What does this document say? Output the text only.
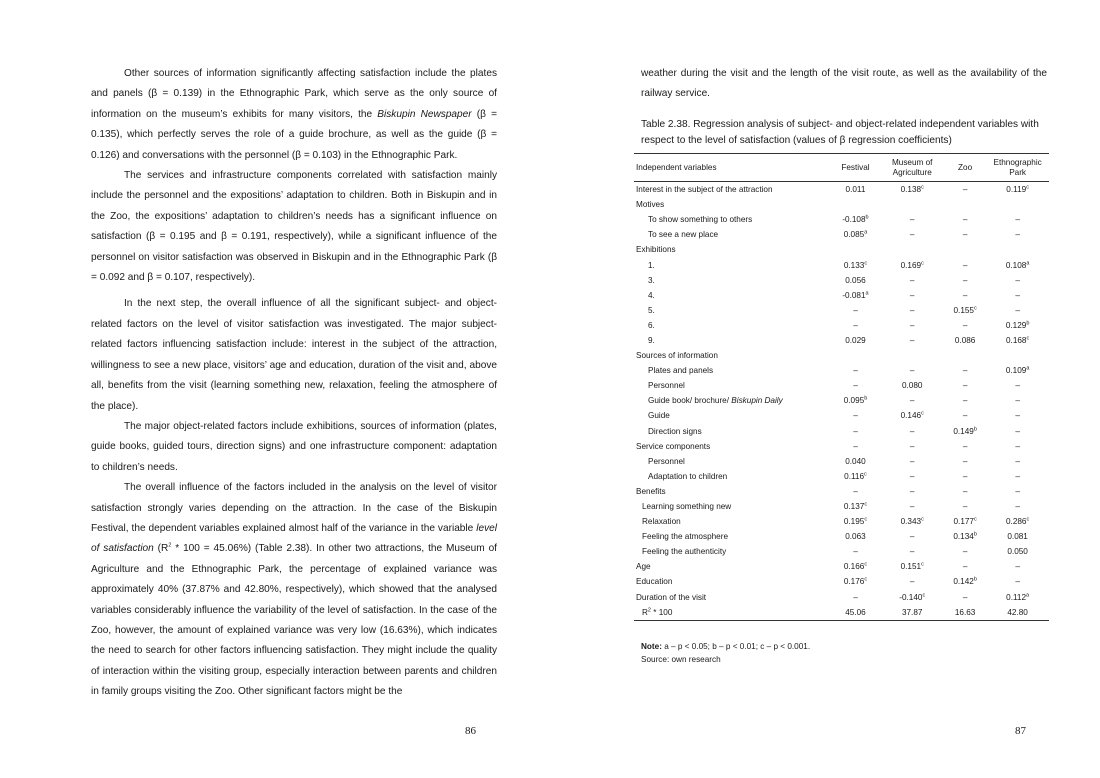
Other sources of information significantly affecting satisfaction include the plates and panels (β = 0.139) in the Ethnographic Park, which serve as the only source of information on the museum’s exhibits for many visitors, the Biskupin Newspaper (β = 0.135), which perfectly serves the role of a guide brochure, as well as the guide (β = 0.126) and conversations with the personnel (β = 0.103) in the Ethnographic Park.

The services and infrastructure components correlated with satisfaction mainly include the personnel and the expositions’ adaptation to children. Both in Biskupin and in the Zoo, the expositions’ adaptation to children’s needs has a significant influence on satisfaction (β = 0.195 and β = 0.191, respectively), while a significant influence of the personnel on visitor satisfaction was observed in Biskupin and in the Ethnographic Park (β = 0.092 and β = 0.107, respectively).

In the next step, the overall influence of all the significant subject- and object-related factors on the level of visitor satisfaction was investigated. The major subject-related factors influencing satisfaction include: interest in the subject of the attraction, willingness to see a new place, visitors’ age and education, duration of the visit and, above all, benefits from the visit (learning something new, relaxation, feeling the atmosphere of the place).

The major object-related factors include exhibitions, sources of information (plates, guide books, guided tours, direction signs) and one infrastructure component: adaptation to children’s needs.

The overall influence of the factors included in the analysis on the level of visitor satisfaction strongly varies depending on the attraction. In the case of the Biskupin Festival, the dependent variables explained almost half of the variance in the variable level of satisfaction $(R^2 * 100 = 45.06\%)$ (Table 2.38). In other two attractions, the Museum of Agriculture and the Ethnographic Park, the percentage of explained variance was approximately 40% (37.87% and 42.80%, respectively), which showed that the analysed variables considerably influence the variability of the level of satisfaction. In the case of the Zoo, however, the amount of explained variance was very low (16.63%), which indicates the need to search for other factors influencing satisfaction. They might include the quality of interaction within the visiting group, especially interaction between parents and children in family groups visiting the Zoo. Other significant factors might be the

86

weather during the visit and the length of the visit route, as well as the availability of the railway service.

Table 2.38. Regression analysis of subject- and object-related independent variables with respect to the level of satisfaction (values of β regression coefficients)
Independent variables	Festival	Museum of Agriculture	Zoo	Ethnographic Park
Interest in the subject of the attraction	0.011	0.138$^c$	–	0.119$^c$
Motives				
To show something to others	-0.108$^b$	–	–	–
To see a new place	0.085$^a$	–	–	–
Exhibitions				
1.	0.133$^c$	0.169$^c$	–	0.108$^a$
3.	0.056	–	–	–
4.	-0.081$^a$	–	–	–
5.	–	–	0.155$^c$	–
6.	–	–	–	0.129$^b$
9.	0.029	–	0.086	0.168$^c$
Sources of information				
Plates and panels	–	–	–	0.109$^a$
Personnel	–	0.080	–	–
Guide book/ brochure/ Biskupin Daily	0.095$^b$	–	–	–
Guide	–	0.146$^c$	–	–
Direction signs	–	–	0.149$^b$	–
Service components	–	–	–	–
Personnel	0.040	–	–	–
Adaptation to children	0.116$^c$	–	–	–
Benefits	–	–	–	–
Learning something new	0.137$^c$	–	–	–
Relaxation	0.195$^c$	0.343$^c$	0.177$^c$	0.286$^c$
Feeling the atmosphere	0.063	–	0.134$^b$	0.081
Feeling the authenticity	–	–	–	0.050
Age	0.166$^c$	0.151$^c$	–	–
Education	0.176$^c$	–	0.142$^b$	–
Duration of the visit	–	-0.140$^c$	–	0.112$^a$
$R^2 * 100$	45.06	37.87	16.63	42.80
Note: a – p < 0.05; b – p < 0.01; c – p < 0.001.
Source: own research
87
